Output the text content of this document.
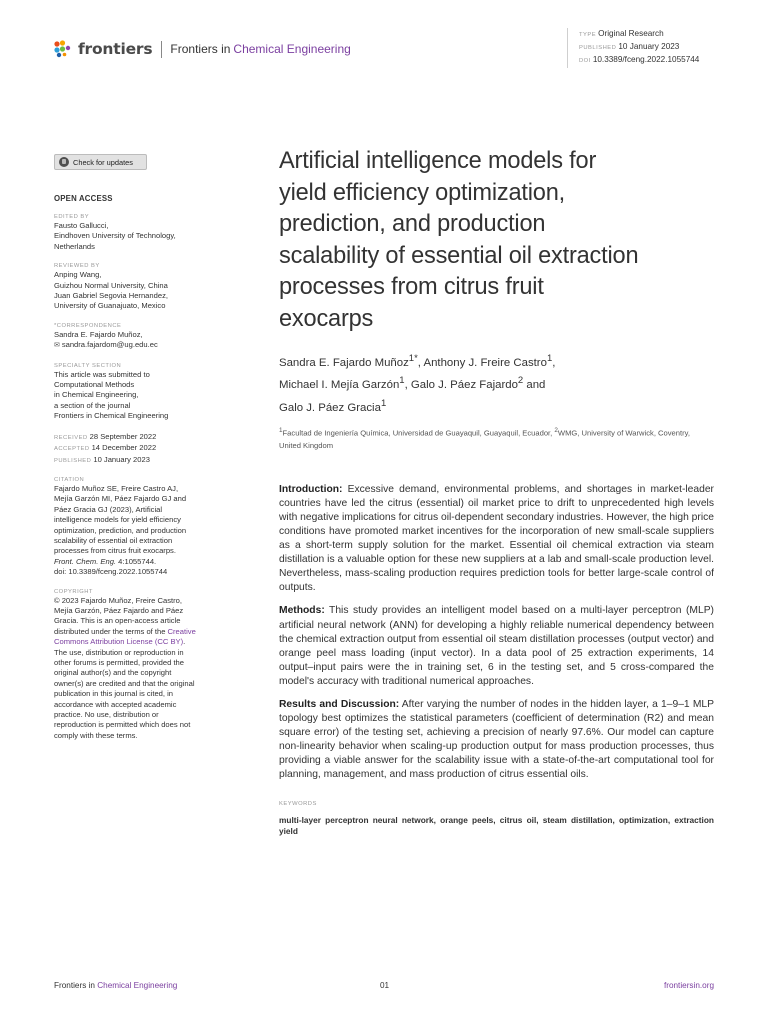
frontiers Frontiers in Chemical Engineering
TYPE Original Research
PUBLISHED 10 January 2023
DOI 10.3389/fceng.2022.1055744
Check for updates
OPEN ACCESS
EDITED BY
Fausto Gallucci,
Eindhoven University of Technology,
Netherlands
REVIEWED BY
Anping Wang,
Guizhou Normal University, China
Juan Gabriel Segovia Hernandez,
University of Guanajuato, Mexico
*CORRESPONDENCE
Sandra E. Fajardo Muñoz,
✉ sandra.fajardom@ug.edu.ec
SPECIALTY SECTION
This article was submitted to
Computational Methods
in Chemical Engineering,
a section of the journal
Frontiers in Chemical Engineering
RECEIVED 28 September 2022
ACCEPTED 14 December 2022
PUBLISHED 10 January 2023
CITATION
Fajardo Muñoz SE, Freire Castro AJ,
Mejía Garzón MI, Páez Fajardo GJ and
Páez Gracia GJ (2023), Artificial
intelligence models for yield efficiency
optimization, prediction, and production
scalability of essential oil extraction
processes from citrus fruit exocarps.
Front. Chem. Eng. 4:1055744.
doi: 10.3389/fceng.2022.1055744
COPYRIGHT
© 2023 Fajardo Muñoz, Freire Castro,
Mejía Garzón, Páez Fajardo and Páez
Gracia. This is an open-access article
distributed under the terms of the Creative
Commons Attribution License (CC BY).
The use, distribution or reproduction in
other forums is permitted, provided the
original author(s) and the copyright
owner(s) are credited and that the original
publication in this journal is cited, in
accordance with accepted academic
practice. No use, distribution or
reproduction is permitted which does not
comply with these terms.
Artificial intelligence models for
yield efficiency optimization,
prediction, and production
scalability of essential oil extraction
processes from citrus fruit
exocarps
Sandra E. Fajardo Muñoz$^{1*}$, Anthony J. Freire Castro$^1$,
Michael I. Mejía Garzón$^1$, Galo J. Páez Fajardo$^2$ and
Galo J. Páez Gracia$^1$
$^1$Facultad de Ingeniería Química, Universidad de Guayaquil, Guayaquil, Ecuador, $^2$WMG, University of Warwick, Coventry, United Kingdom

Introduction: Excessive demand, environmental problems, and shortages in market-leader countries have led the citrus (essential) oil market price to drift to unprecedented high levels with negative implications for citrus oil-dependent secondary industries. However, the high price conditions have promoted market incentives for the incorporation of new small-scale suppliers as a short-term supply solution for the market. Essential oil chemical extraction via steam distillation is a valuable option for these new suppliers at a lab and small-scale production level. Nevertheless, mass-scaling production requires prediction tools for better large-scale control of outputs.

Methods: This study provides an intelligent model based on a multi-layer perceptron (MLP) artificial neural network (ANN) for developing a highly reliable numerical dependency between the chemical extraction output from essential oil steam distillation processes (output vector) and orange peel mass loading (input vector). In a data pool of 25 extraction experiments, 14 output–input pairs were the in training set, 6 in the testing set, and 5 cross-compared the model's accuracy with traditional numerical approaches.

Results and Discussion: After varying the number of nodes in the hidden layer, a 1–9–1 MLP topology best optimizes the statistical parameters (coefficient of determination (R2) and mean square error) of the testing set, achieving a precision of nearly 97.6%. Our model can capture non-linearity behavior when scaling-up production output for mass production processes, thus providing a viable answer for the scalability issue with a state-of-the-art computational tool for planning, management, and mass production of citrus essential oils.

KEYWORDS
multi-layer perceptron neural network, orange peels, citrus oil, steam distillation, optimization, extraction yield
Frontiers in Chemical Engineering	01	frontiersin.org
